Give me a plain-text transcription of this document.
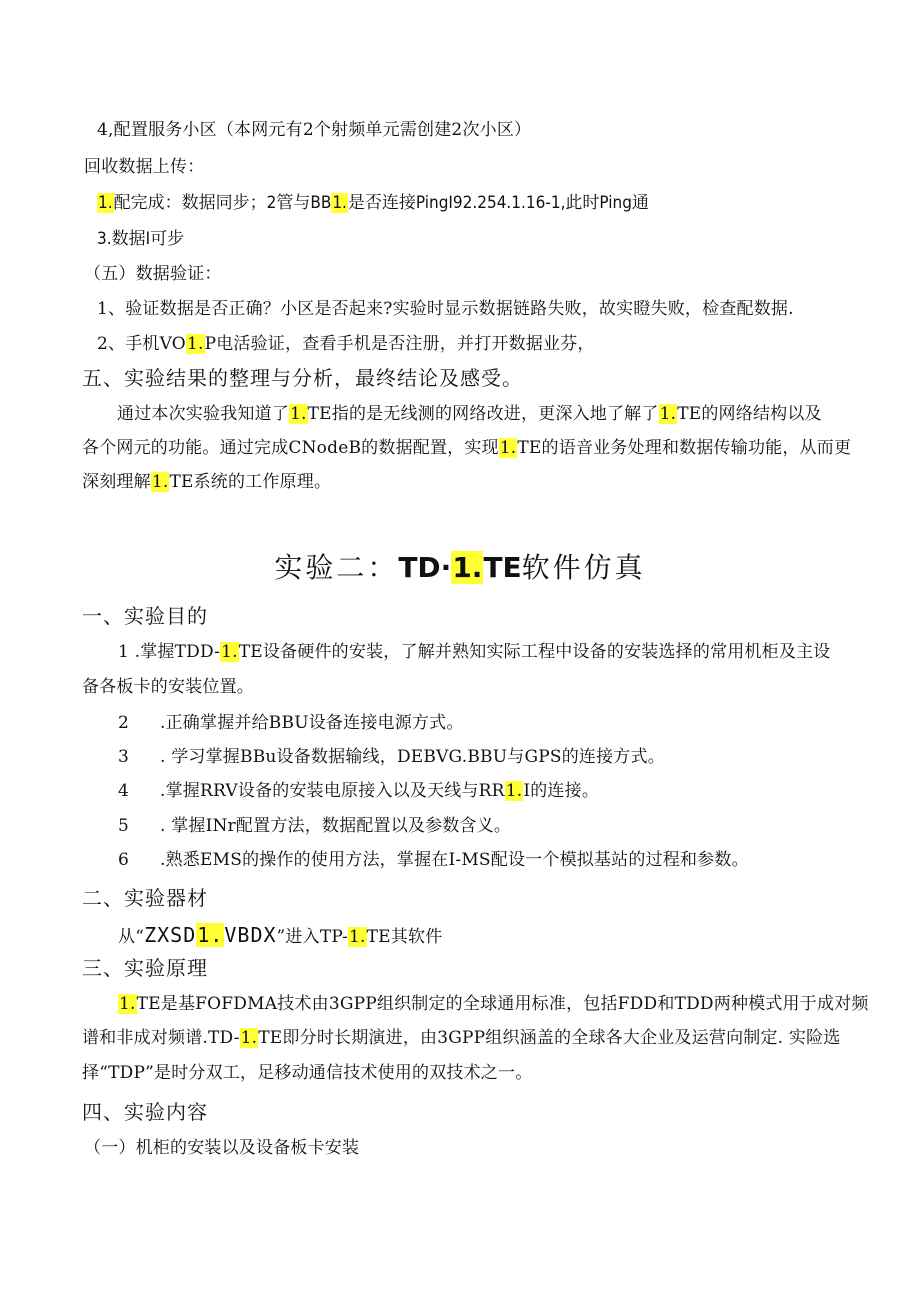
4,配置服务小区（本网元有2个射频单元需创建2次小区）
回收数据上传：
1.配完成：数据同步；2管与BB1.是否连接PingI92.254.1.16-1,此时Ping通
3.数据I可步
（五）数据验证：
1、验证数据是否正确？小区是否起来?实验时显示数据链路失败，故实瞪失败，检查配数据.
2、手机VO1.P电活验证，查看手机是否注册，并打开数据业芬，
五、实验结果的整理与分析，最终结论及感受。
通过本次实验我知道了1.TE指的是无线测的网络改进，更深入地了解了1.TE的网络结构以及
各个网元的功能。通过完成CNodeB的数据配置，实现1.TE的语音业务处理和数据传输功能，从而更
深刻理解1.TE系统的工作原理。
实验二：TD·1.TE软件仿真
一、实验目的
1 .掌握TDD-1.TE设备硬件的安装，了解并熟知实际工程中设备的安装选择的常用机柜及主设
备各板卡的安装位置。
2 .正确掌握并给BBU设备连接电源方式。
3 . 学习掌握BBu设备数据输线，DEBVG.BBU与GPS的连接方式。
4 .掌握RRV设备的安装电原接入以及天线与RR1.I的连接。
5 . 掌握INr配置方法，数据配置以及参数含义。
6 .熟悉EMS的操作的使用方法，掌握在I-MS配设一个模拟基站的过程和参数。
二、实验器材
从“ZXSD1.VBDX”进入TP-1.TE其软件
三、实验原理
1.TE是基FOFDMA技术由3GPP组织制定的全球通用标准，包括FDD和TDD两种模式用于成对频
谱和非成对频谱.TD-1.TE即分时长期演进，由3GPP组织涵盖的全球各大企业及运营向制定. 实险选
择“TDP”是时分双工，足移动通信技术使用的双技术之一。
四、实验内容
（一）机柜的安装以及设备板卡安装
